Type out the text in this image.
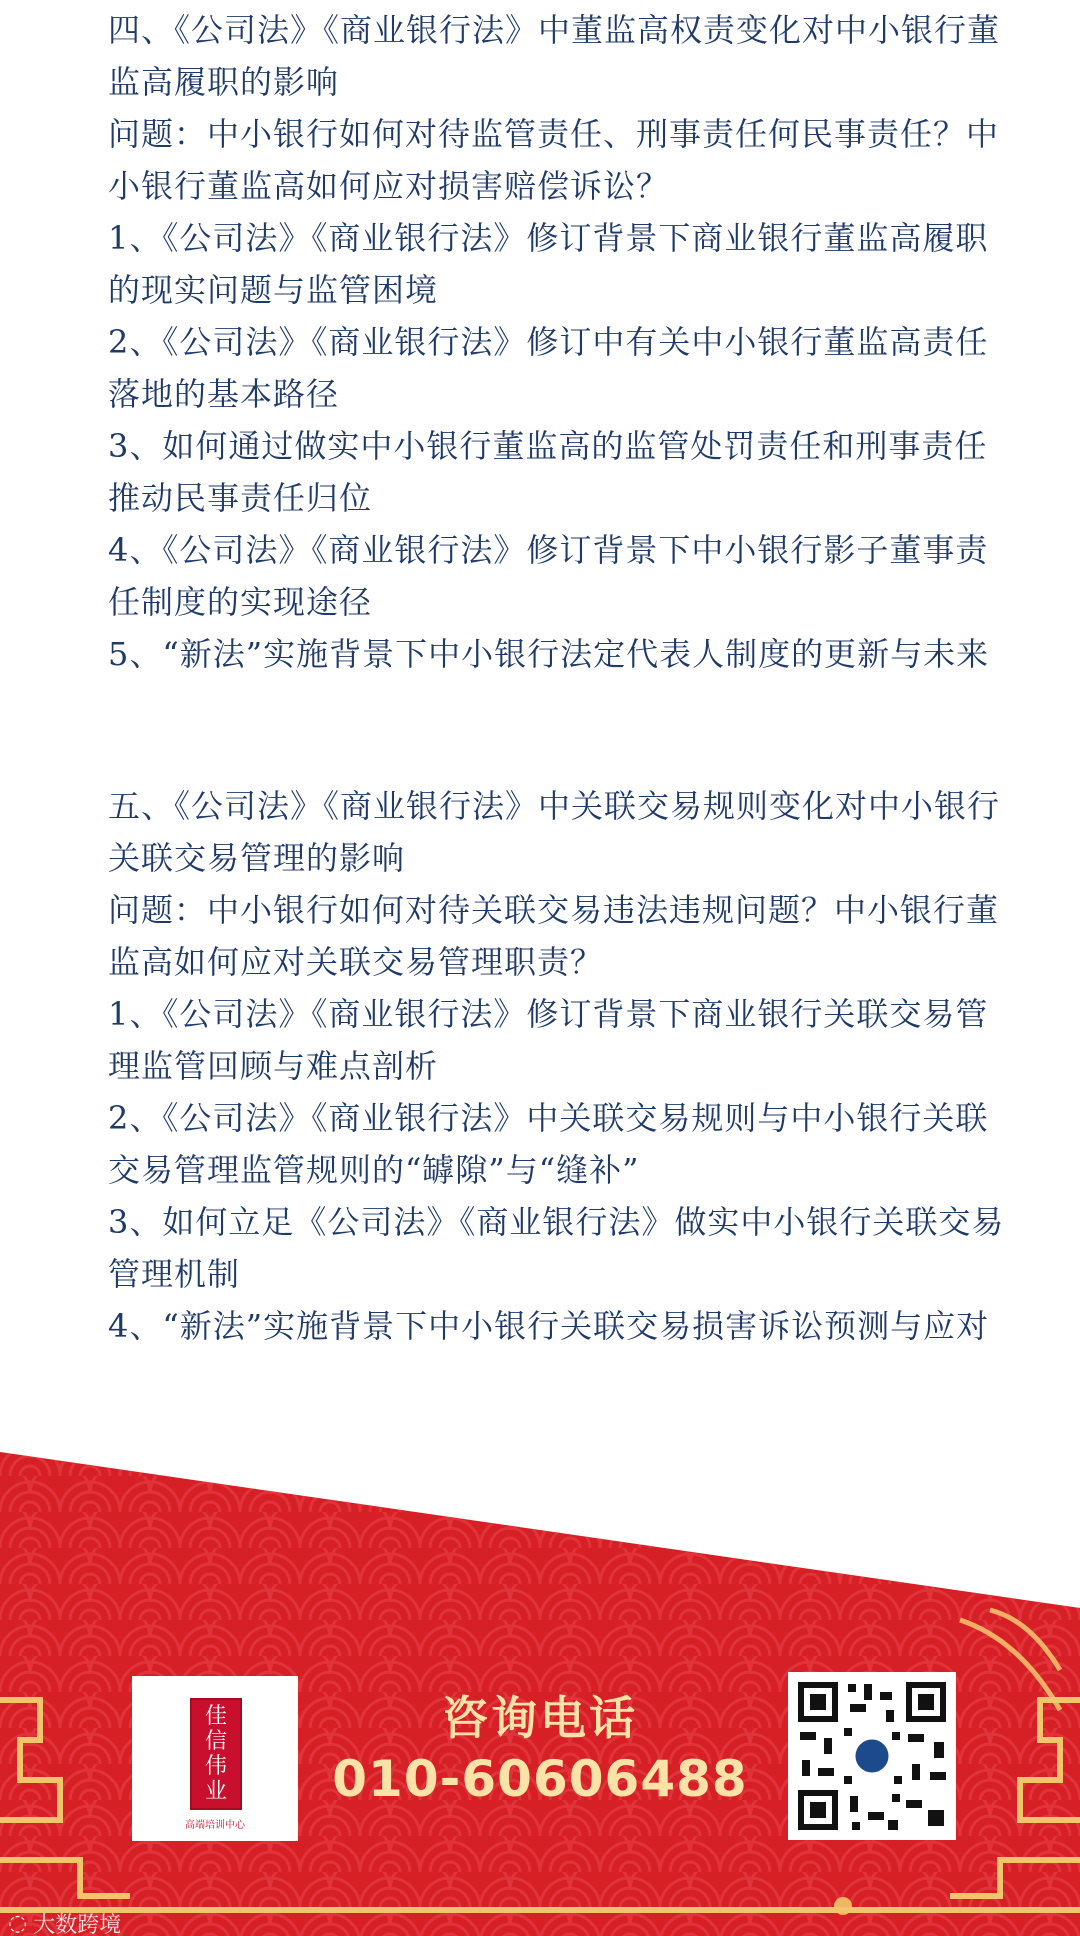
四、《公司法》《商业银行法》中董监高权责变化对中小银行董监高履职的影响

问题：中小银行如何对待监管责任、刑事责任何民事责任？中小银行董监高如何应对损害赔偿诉讼？

1、《公司法》《商业银行法》修订背景下商业银行董监高履职的现实问题与监管困境

2、《公司法》《商业银行法》修订中有关中小银行董监高责任落地的基本路径

3、如何通过做实中小银行董监高的监管处罚责任和刑事责任推动民事责任归位

4、《公司法》《商业银行法》修订背景下中小银行影子董事责任制度的实现途径

5、“新法”实施背景下中小银行法定代表人制度的更新与未来

五、《公司法》《商业银行法》中关联交易规则变化对中小银行关联交易管理的影响

问题：中小银行如何对待关联交易违法违规问题？中小银行董监高如何应对关联交易管理职责？

1、《公司法》《商业银行法》修订背景下商业银行关联交易管理监管回顾与难点剖析

2、《公司法》《商业银行法》中关联交易规则与中小银行关联交易管理监管规则的“罅隙”与“缝补”

3、如何立足《公司法》《商业银行法》做实中小银行关联交易管理机制

4、“新法”实施背景下中小银行关联交易损害诉讼预测与应对

佳
信
伟
业
高端培训中心
咨询电话
010-60606488
◌ 大数跨境
